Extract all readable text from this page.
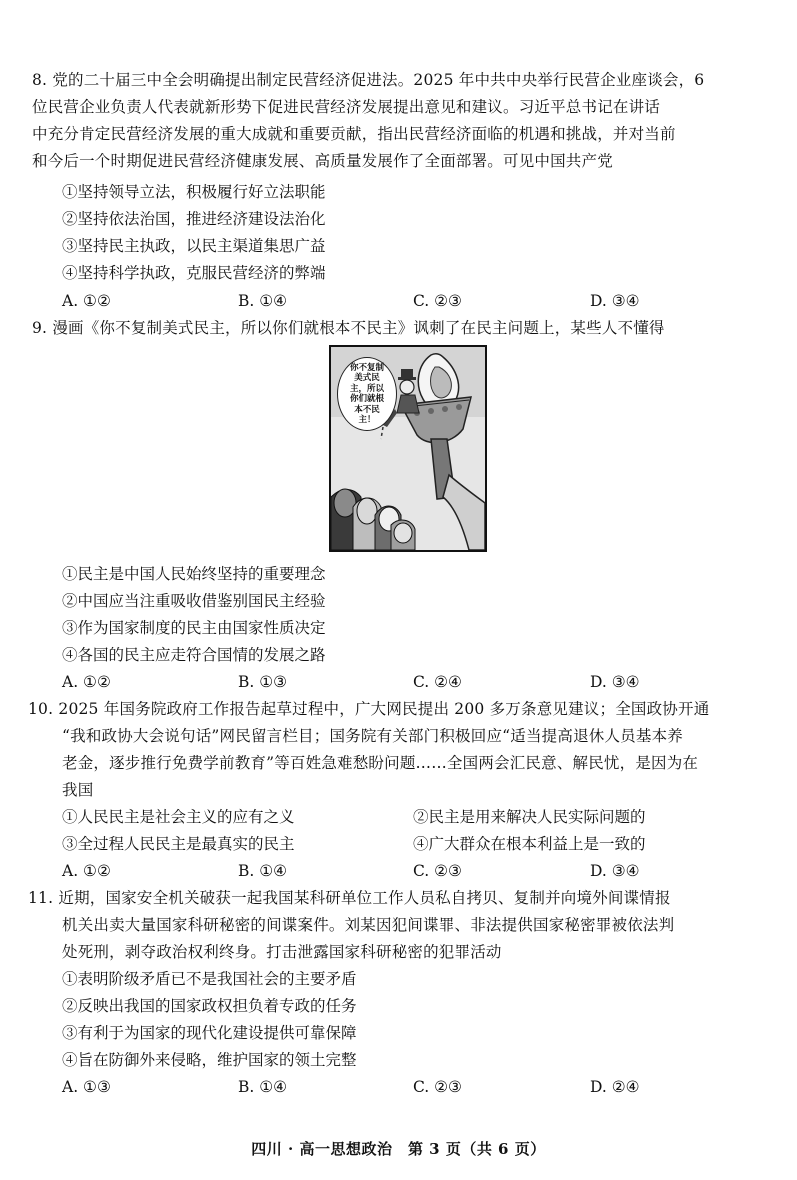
8. 党的二十届三中全会明确提出制定民营经济促进法。2025 年中共中央举行民营企业座谈会，6
位民营企业负责人代表就新形势下促进民营经济发展提出意见和建议。习近平总书记在讲话
中充分肯定民营经济发展的重大成就和重要贡献，指出民营经济面临的机遇和挑战，并对当前
和今后一个时期促进民营经济健康发展、高质量发展作了全面部署。可见中国共产党
①坚持领导立法，积极履行好立法职能
②坚持依法治国，推进经济建设法治化
③坚持民主执政，以民主渠道集思广益
④坚持科学执政，克服民营经济的弊端
A. ①②	B. ①④	C. ②③	D. ③④
9. 漫画《你不复制美式民主，所以你们就根本不民主》讽刺了在民主问题上，某些人不懂得
你不复制美式民主，所以你们就根本不民主！
①民主是中国人民始终坚持的重要理念
②中国应当注重吸收借鉴别国民主经验
③作为国家制度的民主由国家性质决定
④各国的民主应走符合国情的发展之路
A. ①②	B. ①③	C. ②④	D. ③④
10. 2025 年国务院政府工作报告起草过程中，广大网民提出 200 多万条意见建议；全国政协开通
“我和政协大会说句话”网民留言栏目；国务院有关部门积极回应“适当提高退休人员基本养
老金，逐步推行免费学前教育”等百姓急难愁盼问题……全国两会汇民意、解民忧，是因为在
我国
①人民民主是社会主义的应有之义	②民主是用来解决人民实际问题的
③全过程人民民主是最真实的民主	④广大群众在根本利益上是一致的
A. ①②	B. ①④	C. ②③	D. ③④
11. 近期，国家安全机关破获一起我国某科研单位工作人员私自拷贝、复制并向境外间谍情报
机关出卖大量国家科研秘密的间谍案件。刘某因犯间谍罪、非法提供国家秘密罪被依法判
处死刑，剥夺政治权利终身。打击泄露国家科研秘密的犯罪活动
①表明阶级矛盾已不是我国社会的主要矛盾
②反映出我国的国家政权担负着专政的任务
③有利于为国家的现代化建设提供可靠保障
④旨在防御外来侵略，维护国家的领土完整
A. ①③	B. ①④	C. ②③	D. ②④
四川 · 高一思想政治　第 3 页（共 6 页）
